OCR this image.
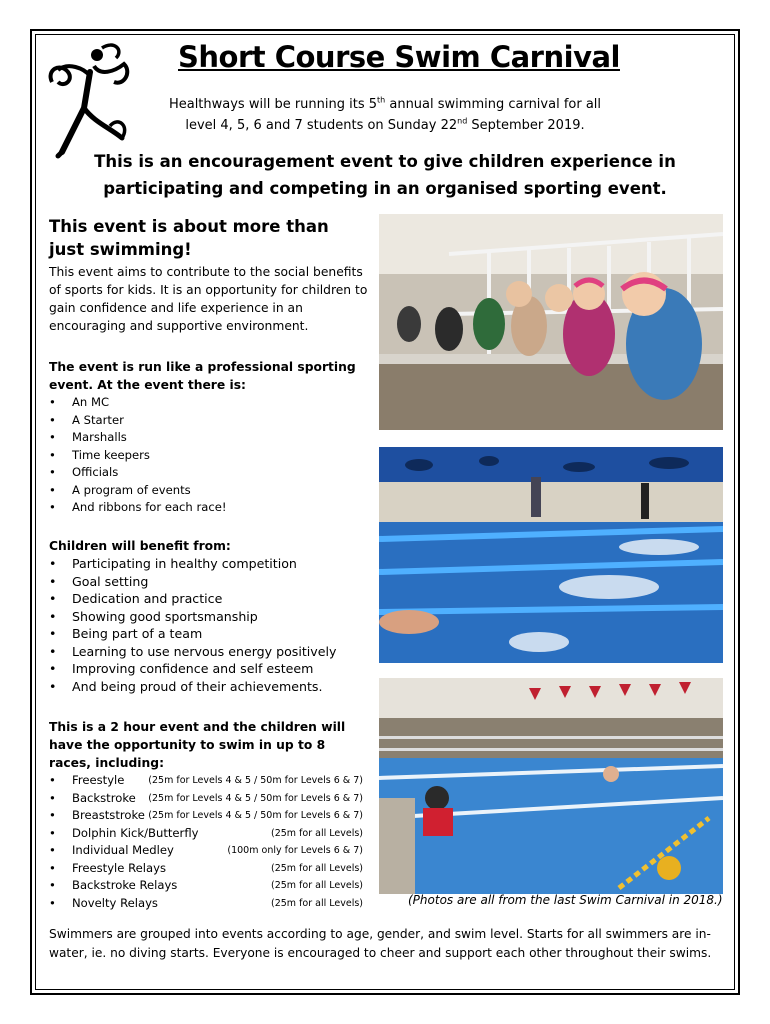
Short Course Swim Carnival
Healthways will be running its 5th annual swimming carnival for all
level 4, 5, 6 and 7 students on Sunday 22nd September 2019.
This is an encouragement event to give children experience in participating and competing in an organised sporting event.
This event is about more than just swimming!
This event aims to contribute to the social benefits of sports for kids. It is an opportunity for children to gain confidence and life experience in an encouraging and supportive environment.
The event is run like a professional sporting event. At the event there is:
• An MC
• A Starter
• Marshalls
• Time keepers
• Officials
• A program of events
• And ribbons for each race!
Children will benefit from:
• Participating in healthy competition
• Goal setting
• Dedication and practice
• Showing good sportsmanship
• Being part of a team
• Learning to use nervous energy positively
• Improving confidence and self esteem
• And being proud of their achievements.
This is a 2 hour event and the children will have the opportunity to swim in up to 8 races, including:
• Freestyle	(25m for Levels 4 & 5 / 50m for Levels 6 & 7)
• Backstroke (25m for Levels 4 & 5 / 50m for Levels 6 & 7)
• Breaststroke (25m for Levels 4 & 5 / 50m for Levels 6 & 7)
• Dolphin Kick/Butterfly	(25m for all Levels)
• Individual Medley	(100m only for Levels 6 & 7)
• Freestyle Relays	(25m for all Levels)
• Backstroke Relays	(25m for all Levels)
• Novelty Relays	(25m for all Levels)	(Photos are all from the last Swim Carnival in 2018.)
Swimmers are grouped into events according to age, gender, and swim level. Starts for all swimmers are in-water, ie. no diving starts. Everyone is encouraged to cheer and support each other throughout their swims.
